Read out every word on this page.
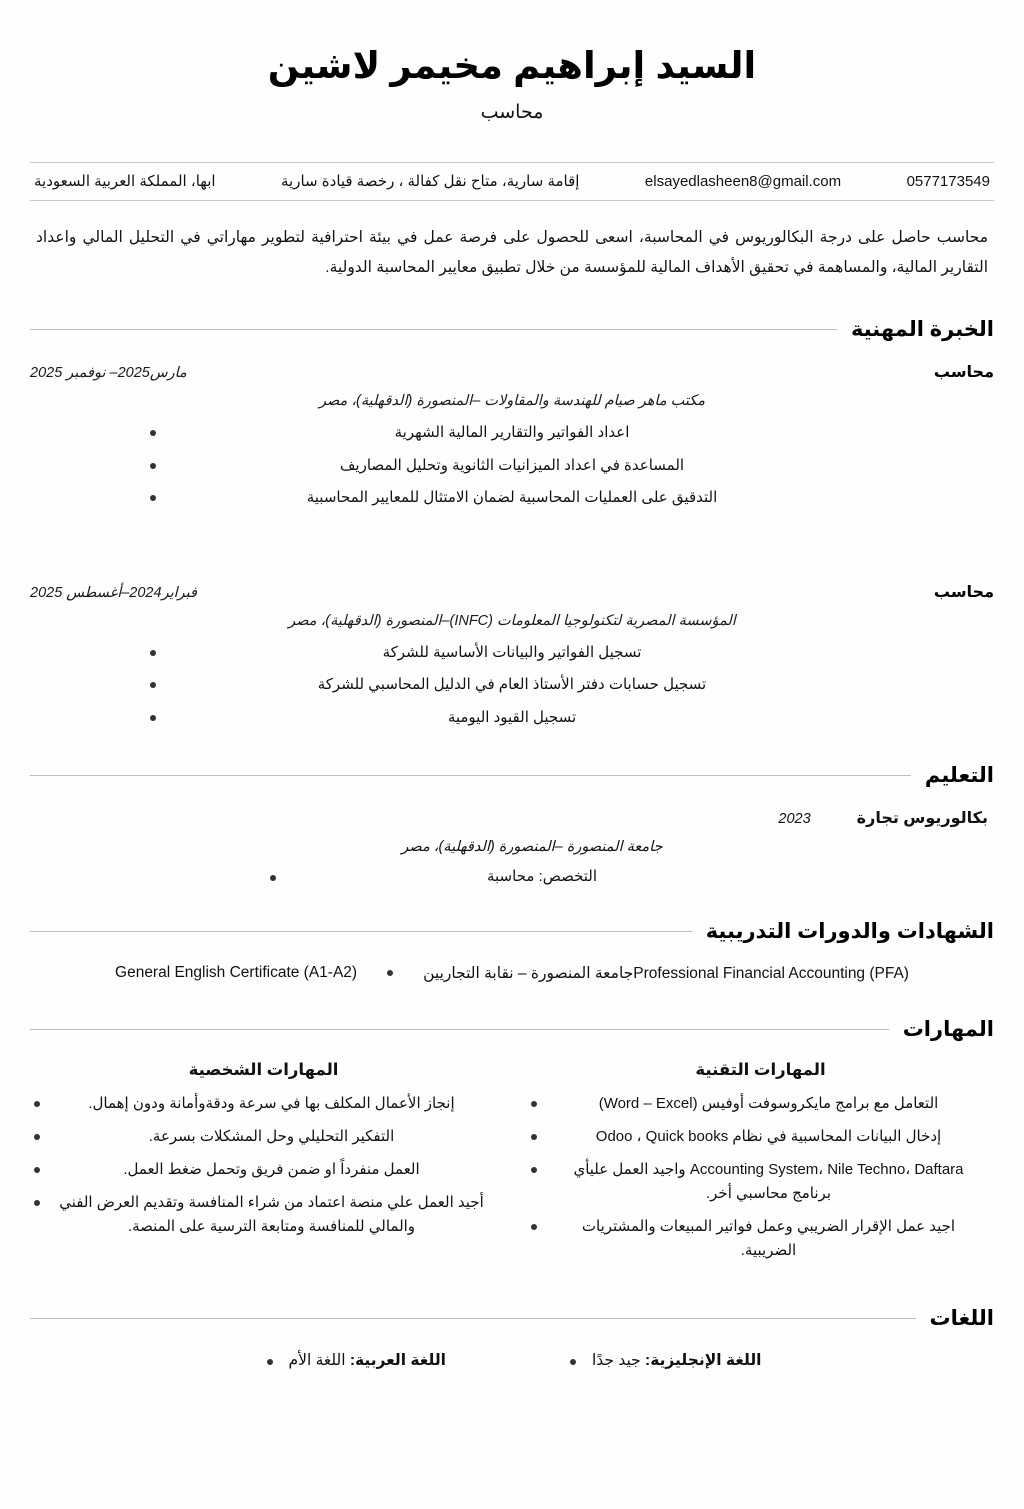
السيد إبراهيم مخيمر لاشين
محاسب
ابها، المملكة العربية السعودية	إقامة سارية، متاح نقل كفالة ، رخصة قيادة سارية	elsayedlasheen8@gmail.com	0577173549
محاسب حاصل على درجة البكالوريوس في المحاسبة، اسعى للحصول على فرصة عمل في بيئة احترافية لتطوير مهاراتي في التحليل المالي واعداد التقارير المالية، والمساهمة في تحقيق الأهداف المالية للمؤسسة من خلال تطبيق معايير المحاسبة الدولية.
الخبرة المهنية
محاسب
مارس2025– نوفمبر 2025
مكتب ماهر صيام للهندسة والمقاولات –المنصورة (الدقهلية)، مصر
اعداد الفواتير والتقارير المالية الشهرية
المساعدة في اعداد الميزانيات الثانوية وتحليل المصاريف
التدقيق على العمليات المحاسبية لضمان الامتثال للمعايير المحاسبية
محاسب
فبراير2024–أغسطس 2025
المؤسسة المصرية لتكنولوجيا المعلومات (INFC)–المنصورة (الدقهلية)، مصر
تسجيل الفواتير والبيانات الأساسية للشركة
تسجيل حسابات دفتر الأستاذ العام في الدليل المحاسبي للشركة
تسجيل القيود اليومية
التعليم
بكالوريوس تجارة
2023
جامعة المنصورة –المنصورة (الدقهلية)، مصر
التخصص: محاسبة
الشهادات والدورات التدريبية
Professional Financial Accounting (PFA)جامعة المنصورة – نقابة التجاريين
General English Certificate (A1-A2)
المهارات
المهارات التقنية
التعامل مع برامج مايكروسوفت أوفيس (Word – Excel)
إدخال البيانات المحاسبية في نظام Odoo ، Quick books
Accounting System، Nile Techno، Daftara واجيد العمل عليأي برنامج محاسبي أخر.
اجيد عمل الإقرار الضريبي وعمل فواتير المبيعات والمشتريات الضريبية.
المهارات الشخصية
إنجاز الأعمال المكلف بها في سرعة ودقةوأمانة ودون إهمال.
التفكير التحليلي وحل المشكلات بسرعة.
العمل منفرداً او ضمن فريق وتحمل ضغط العمل.
أجيد العمل علي منصة اعتماد من شراء المنافسة وتقديم العرض الفني والمالي للمنافسة ومتابعة الترسية على المنصة.
اللغات
اللغة الإنجليزية: جيد جدًا
اللغة العربية: اللغة الأم
